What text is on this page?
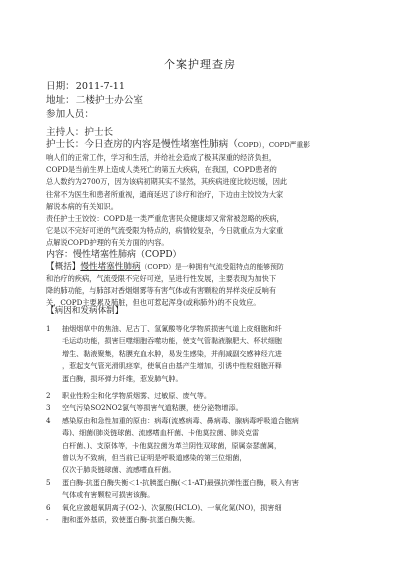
个案护理查房
日期：2011-7-11
地址：二楼护士办公室
参加人员：
主持人：护士长
护士长：今日查房的内容是慢性堵塞性肺病（COPD），COPD严重影
响人们的正常工作，学习和生活，并给社会造成了极其深重的经济负担，
COPD是当前生界上造成人类死亡的第五大疾病，在我国，COPD患者的
总人数约为2700万，因为该病初期其实不显然，其疾病进度比较迟缓，因此
往常不为医生和患者所重视，通商延迟了诊疗和治疗，下边由主饺饺为大家
解说本病的有关知识。
责任护士王饺饺：COPD是一类严重危害民众健康却又常常被忽略的疾病，
它是以不完好可逆的气流受限为特点的，病情较复杂，今日就重点为大家重
点解说COPD护理的有关方面的内容。
内容：慢性堵塞性肺病（COPD）
【概括】慢性堵塞性肺病（COPD）是一种拥有气流受阻特点的能够预防
和治疗的疾病，气流受限不完好可逆，呈进行性发展，主要表现为加快下
降的肺功能，与肺部对香烟烟雾等有害气体或有害颗粒的异样炎症反响有
关，COPD主要累及肺脏，但也可惹起浑身(或称肺外)的不良效应。
【病因和发病体制】
1 抽烟烟草中的焦油、尼古丁、氢氰酸等化学物质损害气道上皮细胞和纤
毛运动功能，损害巨噬细胞吞噬功能，使支气管黏液腺肥大、杯状细胞
增生、黏液聚集，粘膜充血水肿，易发生感染，并削减副交感神经亢进
，惹起支气管光滑肌痉挛，使氧自由基产生增加，引诱中性粒细胞开释
蛋白酶，损坏弹力纤维，惹发肺气肿。
2 职业性粉尘和化学物质烟雾、过敏原、废气等。
3 空气污染SO2NO2氯气等损害气道粘膜，使分泌物增添。
4 感染原由和急性加重的原由：病毒(流感病毒、鼻病毒、腺病毒呼吸道合胞病
毒)、细菌(肺炎链球菌、流感嗜血杆菌、卡他莫拉菌、肺炎克雷
白杆菌、)、支原体等，卡他莫拉菌为革兰阴性双球菌，原属奈瑟菌属，
曾以为不致病，但当前已证明是呼吸道感染的第三位细菌，
仅次于肺炎链球菌、流感嗜血杆菌。
5 蛋白酶-抗蛋白酶失衡＜1-抗胰蛋白酶(＜1-AT)最强抗弹性蛋白酶，吸入有害
气体或有害颗粒可损害该酶。
6 氧化应激超氧阴离子(O2-)、次氯酸(HCLO)、一氧化氮(NO)，损害细
- 胞和蛋外基质，致使蛋白酶-抗蛋白酶失衡。
